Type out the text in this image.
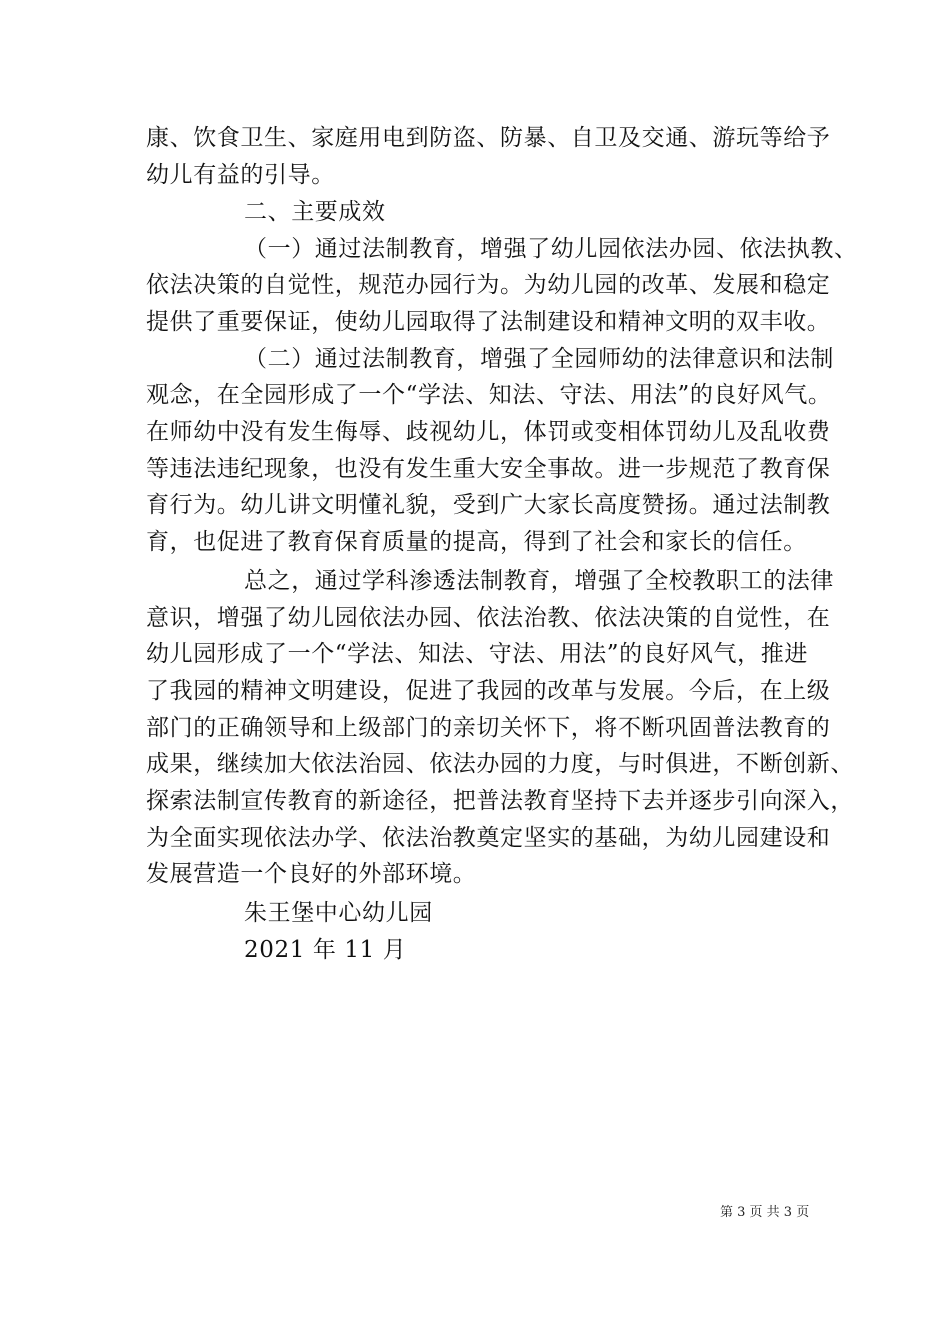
康、饮食卫生、家庭用电到防盗、防暴、自卫及交通、游玩等给予
幼儿有益的引导。
二、主要成效
（一）通过法制教育，增强了幼儿园依法办园、依法执教、
依法决策的自觉性，规范办园行为。为幼儿园的改革、发展和稳定
提供了重要保证，使幼儿园取得了法制建设和精神文明的双丰收。
（二）通过法制教育，增强了全园师幼的法律意识和法制
观念，在全园形成了一个“学法、知法、守法、用法”的良好风气。
在师幼中没有发生侮辱、歧视幼儿，体罚或变相体罚幼儿及乱收费
等违法违纪现象，也没有发生重大安全事故。进一步规范了教育保
育行为。幼儿讲文明懂礼貌，受到广大家长高度赞扬。通过法制教
育，也促进了教育保育质量的提高，得到了社会和家长的信任。
总之，通过学科渗透法制教育，增强了全校教职工的法律
意识，增强了幼儿园依法办园、依法治教、依法决策的自觉性，在
幼儿园形成了一个“学法、知法、守法、用法”的良好风气，推进
了我园的精神文明建设，促进了我园的改革与发展。今后，在上级
部门的正确领导和上级部门的亲切关怀下，将不断巩固普法教育的
成果，继续加大依法治园、依法办园的力度，与时俱进，不断创新、
探索法制宣传教育的新途径，把普法教育坚持下去并逐步引向深入，
为全面实现依法办学、依法治教奠定坚实的基础，为幼儿园建设和
发展营造一个良好的外部环境。
朱王堡中心幼儿园
2021 年 11 月
第 3 页 共 3 页
